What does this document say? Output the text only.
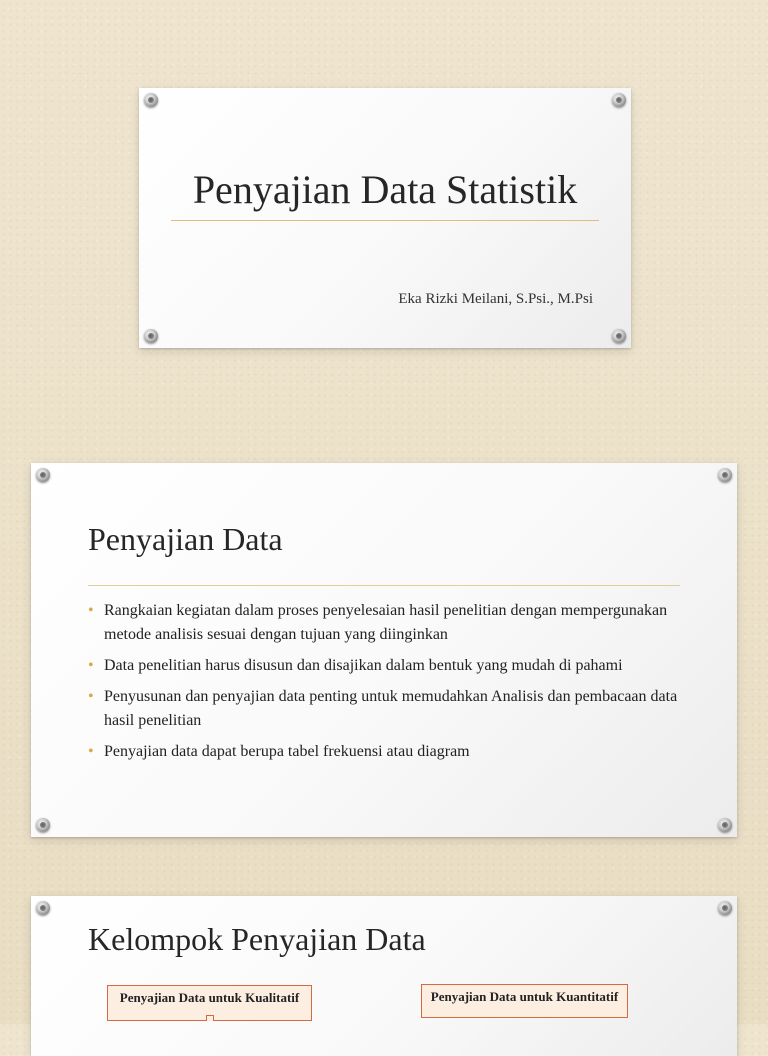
Penyajian Data Statistik

Eka Rizki Meilani, S.Psi., M.Psi

Penyajian Data
• Rangkaian kegiatan dalam proses penyelesaian hasil penelitian dengan mempergunakan metode analisis sesuai dengan tujuan yang diinginkan
• Data penelitian harus disusun dan disajikan dalam bentuk yang mudah di pahami
• Penyusunan dan penyajian data penting untuk memudahkan Analisis dan pembacaan data hasil penelitian
• Penyajian data dapat berupa tabel frekuensi atau diagram
Kelompok Penyajian Data
Penyajian Data untuk Kualitatif	Penyajian Data untuk Kuantitatif
